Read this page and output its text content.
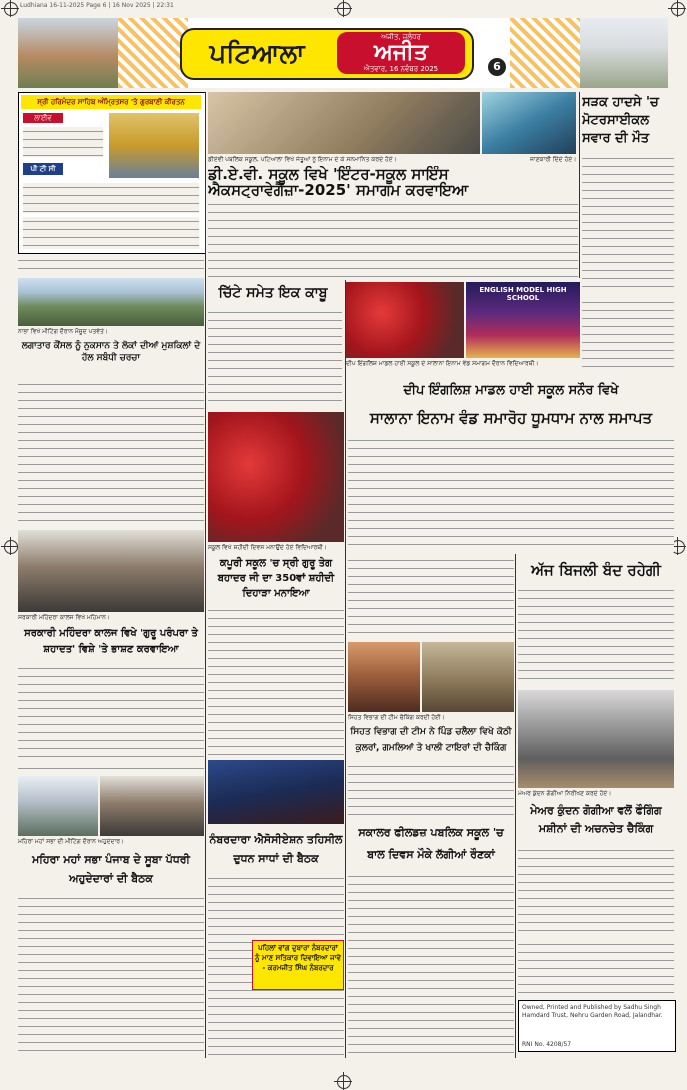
Ludhiana 16-11-2025 Page 6 | 16 Nov 2025 | 22:31
ਪਟਿਆਲਾ
ਅਜੀਤ, ਜਲੰਧਰ
ਅਜੀਤ
ਐਤਵਾਰ, 16 ਨਵੰਬਰ 2025	6
ਸ੍ਰੀ ਹਰਿਮੰਦਰ ਸਾਹਿਬ ਅੰਮ੍ਰਿਤਸਰ 'ਤੇ ਗੁਰਬਾਣੀ ਕੀਰਤਨ
ਲਾਈਵ
ਪੀ ਟੀ ਸੀ
ਡੀਏਵੀ ਪਬਲਿਕ ਸਕੂਲ, ਪਟਿਆਲਾ ਵਿਖੇ ਜੇਤੂਆਂ ਨੂੰ ਇਨਾਮ ਦੇ ਕੇ ਸਨਮਾਨਿਤ ਕਰਦੇ ਹੋਏ।	ਜਾਣਕਾਰੀ ਦਿੰਦੇ ਹੋਏ।
ਸੜਕ ਹਾਦਸੇ 'ਚ ਮੋਟਰਸਾਈਕਲ ਸਵਾਰ ਦੀ ਮੌਤ
ਡੀ.ਏ.ਵੀ. ਸਕੂਲ ਵਿਖੇ 'ਇੰਟਰ-ਸਕੂਲ ਸਾਇੰਸ ਐਕਸਟ੍ਰਾਵੇਗੈਂਜ਼ਾ-2025' ਸਮਾਗਮ ਕਰਵਾਇਆ
ਨਾਭਾ ਵਿਖੇ ਮੀਟਿੰਗ ਦੌਰਾਨ ਮੌਜੂਦ ਪਤਵੰਤੇ।
ਲਗਾਤਾਰ ਕੌਂਸਲ ਨੂੰ ਨੁਕਸਾਨ ਤੇ ਲੋਕਾਂ ਦੀਆਂ ਮੁਸ਼ਕਿਲਾਂ ਦੇ ਹੱਲ ਸਬੰਧੀ ਚਰਚਾ
ਚਿੱਟੇ ਸਮੇਤ ਇਕ ਕਾਬੂ	ENGLISH MODEL HIGH SCHOOL
ਦੀਪ ਇੰਗਲਿਸ਼ ਮਾਡਲ ਹਾਈ ਸਕੂਲ ਦੇ ਸਾਲਾਨਾ ਇਨਾਮ ਵੰਡ ਸਮਾਗਮ ਦੌਰਾਨ ਵਿਦਿਆਰਥੀ।
ਸਕੂਲ ਵਿਖੇ ਸ਼ਹੀਦੀ ਦਿਵਸ ਮਨਾਉਂਦੇ ਹੋਏ ਵਿਦਿਆਰਥੀ।
ਦੀਪ ਇੰਗਲਿਸ਼ ਮਾਡਲ ਹਾਈ ਸਕੂਲ ਸਨੌਰ ਵਿਖੇ
ਸਾਲਾਨਾ ਇਨਾਮ ਵੰਡ ਸਮਾਰੋਹ ਧੂਮਧਾਮ ਨਾਲ ਸਮਾਪਤ
ਸਰਕਾਰੀ ਮਹਿੰਦਰਾ ਕਾਲਜ ਵਿਖੇ ਮਹਿਮਾਨ।
ਸਰਕਾਰੀ ਮਹਿੰਦਰਾ ਕਾਲਜ ਵਿਖੇ 'ਗੁਰੂ ਪਰੰਪਰਾ ਤੇ ਸ਼ਹਾਦਤ' ਵਿਸ਼ੇ 'ਤੇ ਭਾਸ਼ਣ ਕਰਵਾਇਆ
ਕਪੂਰੀ ਸਕੂਲ 'ਚ ਸ੍ਰੀ ਗੁਰੂ ਤੇਗ ਬਹਾਦਰ ਜੀ ਦਾ 350ਵਾਂ ਸ਼ਹੀਦੀ ਦਿਹਾੜਾ ਮਨਾਇਆ
ਅੱਜ ਬਿਜਲੀ ਬੰਦ ਰਹੇਗੀ
ਸਿਹਤ ਵਿਭਾਗ ਦੀ ਟੀਮ ਚੈਕਿੰਗ ਕਰਦੀ ਹੋਈ।
ਸਿਹਤ ਵਿਭਾਗ ਦੀ ਟੀਮ ਨੇ ਪਿੰਡ ਚਲੈਲਾ ਵਿਖੇ ਕੋਠੀ ਕੁਲਰਾਂ, ਗਮਲਿਆਂ ਤੇ ਖਾਲੀ ਟਾਇਰਾਂ ਦੀ ਚੈਕਿੰਗ
ਮੇਅਰ ਕੁੰਦਨ ਗੋਗੀਆ ਨਿਰੀਖਣ ਕਰਦੇ ਹੋਏ।
ਮੇਅਰ ਕੁੰਦਨ ਗੋਗੀਆ ਵਲੋਂ ਫੌਗਿੰਗ ਮਸ਼ੀਨਾਂ ਦੀ ਅਚਨਚੇਤ ਚੈਕਿੰਗ
ਮਹਿਰਾ ਮਹਾਂ ਸਭਾ ਦੀ ਮੀਟਿੰਗ ਦੌਰਾਨ ਅਹੁਦੇਦਾਰ।
ਮਹਿਰਾ ਮਹਾਂ ਸਭਾ ਪੰਜਾਬ ਦੇ ਸੂਬਾ ਪੱਧਰੀ ਅਹੁਦੇਦਾਰਾਂ ਦੀ ਬੈਠਕ
ਨੰਬਰਦਾਰਾ ਐਸੋਸੀਏਸ਼ਨ ਤਹਿਸੀਲ ਦੁਧਨ ਸਾਧਾਂ ਦੀ ਬੈਠਕ
ਪਹਿਲਾਂ ਵਾਂਗ ਦੁਬਾਰਾ ਨੰਬਰਦਾਰਾਂ ਨੂੰ ਮਾਣ ਸਤਿਕਾਰ ਦਿਵਾਇਆ ਜਾਵੇ - ਕਰਮਜੀਤ ਸਿੰਘ ਨੰਬਰਦਾਰ
ਸਕਾਲਰ ਫੀਲਡਜ਼ ਪਬਲਿਕ ਸਕੂਲ 'ਚ ਬਾਲ ਦਿਵਸ ਮੌਕੇ ਲੱਗੀਆਂ ਰੌਣਕਾਂ
Owned, Printed and Published by Sadhu Singh Hamdard Trust, Nehru Garden Road, Jalandhar.
RNI No. 4208/57
